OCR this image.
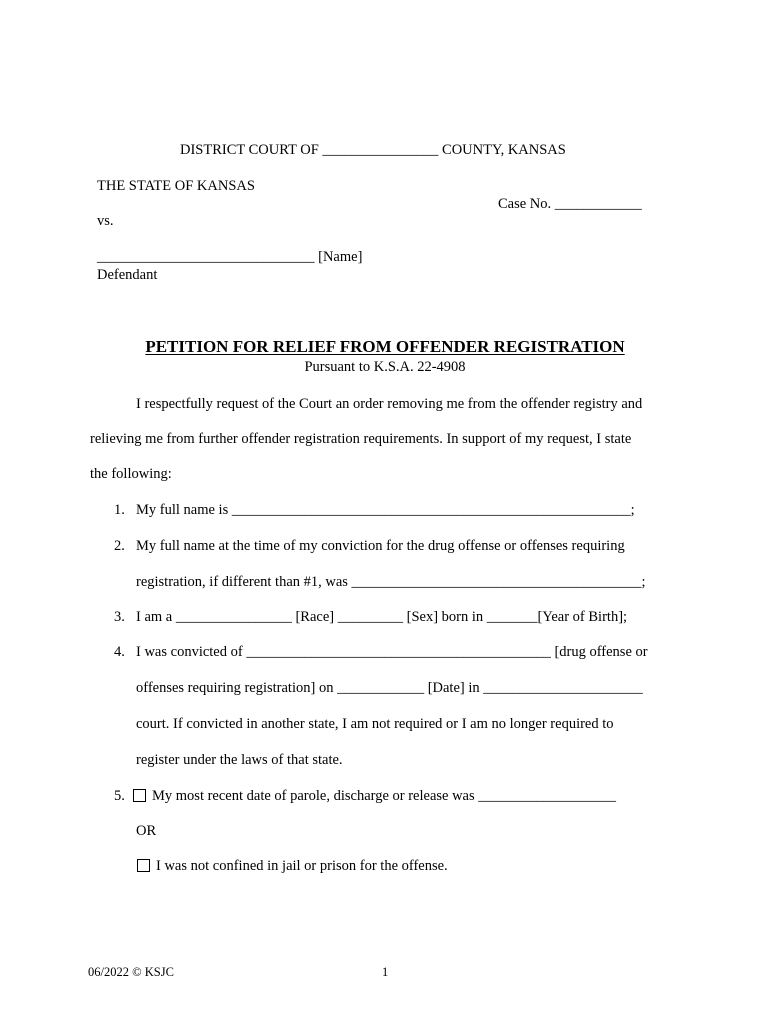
DISTRICT COURT OF ________________ COUNTY, KANSAS
THE STATE OF KANSAS
Case No. ____________
vs.
______________________________ [Name]
Defendant
PETITION FOR RELIEF FROM OFFENDER REGISTRATION
Pursuant to K.S.A. 22-4908
I respectfully request of the Court an order removing me from the offender registry and
relieving me from further offender registration requirements. In support of my request, I state
the following:
1. My full name is _______________________________________________________;
2. My full name at the time of my conviction for the drug offense or offenses requiring
registration, if different than #1, was ________________________________________;
3. I am a ________________ [Race] _________ [Sex] born in _______[Year of Birth];
4. I was convicted of __________________________________________ [drug offense or
offenses requiring registration] on ____________ [Date] in ______________________
court. If convicted in another state, I am not required or I am no longer required to
register under the laws of that state.
5. My most recent date of parole, discharge or release was ___________________
OR
I was not confined in jail or prison for the offense.
06/2022 © KSJC	1
